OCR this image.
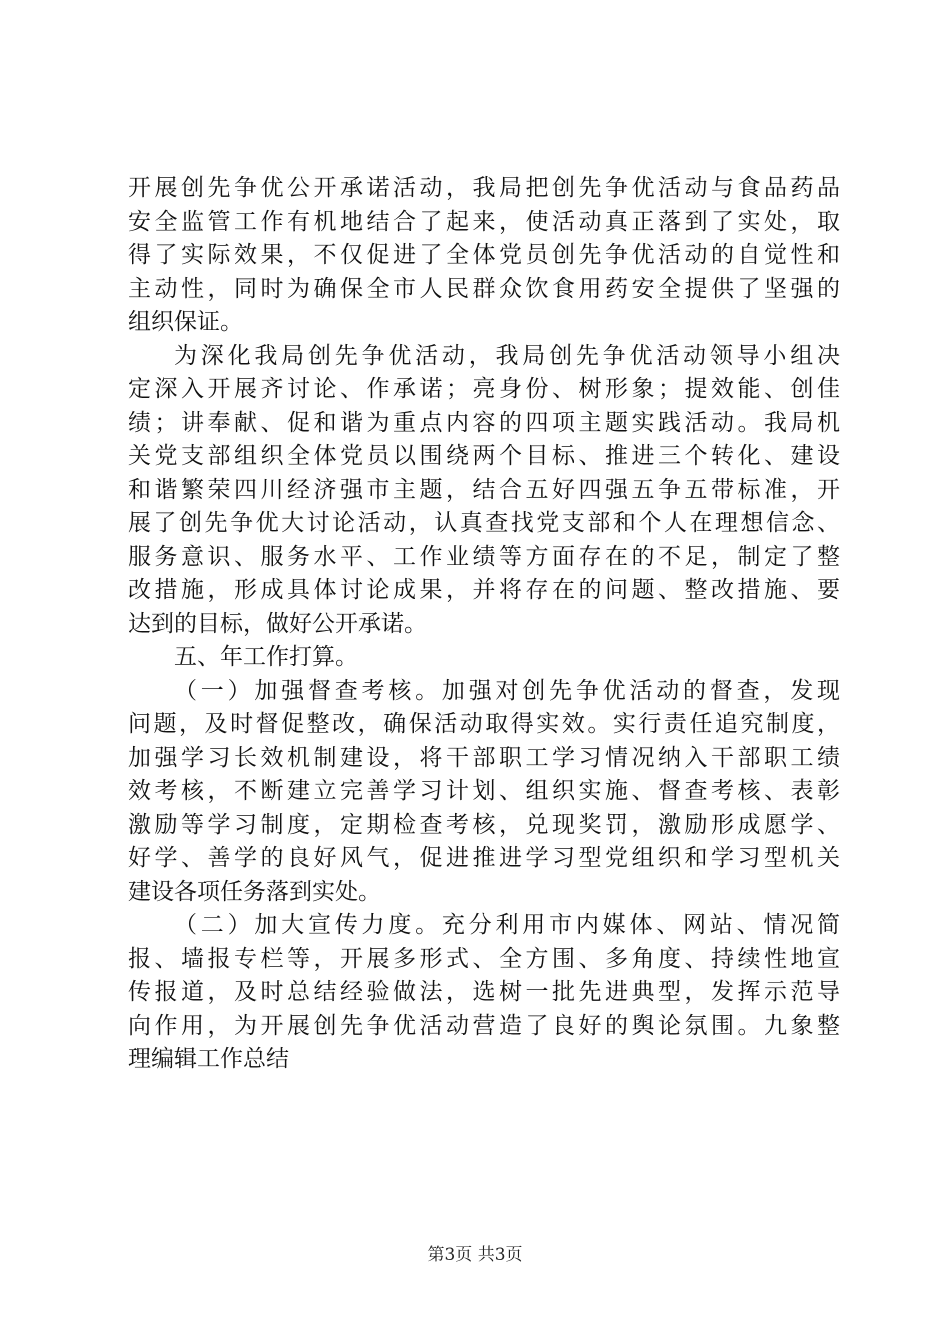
开展创先争优公开承诺活动，我局把创先争优活动与食品药品
安全监管工作有机地结合了起来，使活动真正落到了实处，取
得了实际效果，不仅促进了全体党员创先争优活动的自觉性和
主动性，同时为确保全市人民群众饮食用药安全提供了坚强的
组织保证。
为深化我局创先争优活动，我局创先争优活动领导小组决
定深入开展齐讨论、作承诺；亮身份、树形象；提效能、创佳
绩；讲奉献、促和谐为重点内容的四项主题实践活动。我局机
关党支部组织全体党员以围绕两个目标、推进三个转化、建设
和谐繁荣四川经济强市主题，结合五好四强五争五带标准，开
展了创先争优大讨论活动，认真查找党支部和个人在理想信念、
服务意识、服务水平、工作业绩等方面存在的不足，制定了整
改措施，形成具体讨论成果，并将存在的问题、整改措施、要
达到的目标，做好公开承诺。
五、年工作打算。
（一）加强督查考核。加强对创先争优活动的督查，发现
问题，及时督促整改，确保活动取得实效。实行责任追究制度，
加强学习长效机制建设，将干部职工学习情况纳入干部职工绩
效考核，不断建立完善学习计划、组织实施、督查考核、表彰
激励等学习制度，定期检查考核，兑现奖罚，激励形成愿学、
好学、善学的良好风气，促进推进学习型党组织和学习型机关
建设各项任务落到实处。
（二）加大宣传力度。充分利用市内媒体、网站、情况简
报、墙报专栏等，开展多形式、全方围、多角度、持续性地宣
传报道，及时总结经验做法，选树一批先进典型，发挥示范导
向作用，为开展创先争优活动营造了良好的舆论氛围。九象整
理编辑工作总结
第3页 共3页
